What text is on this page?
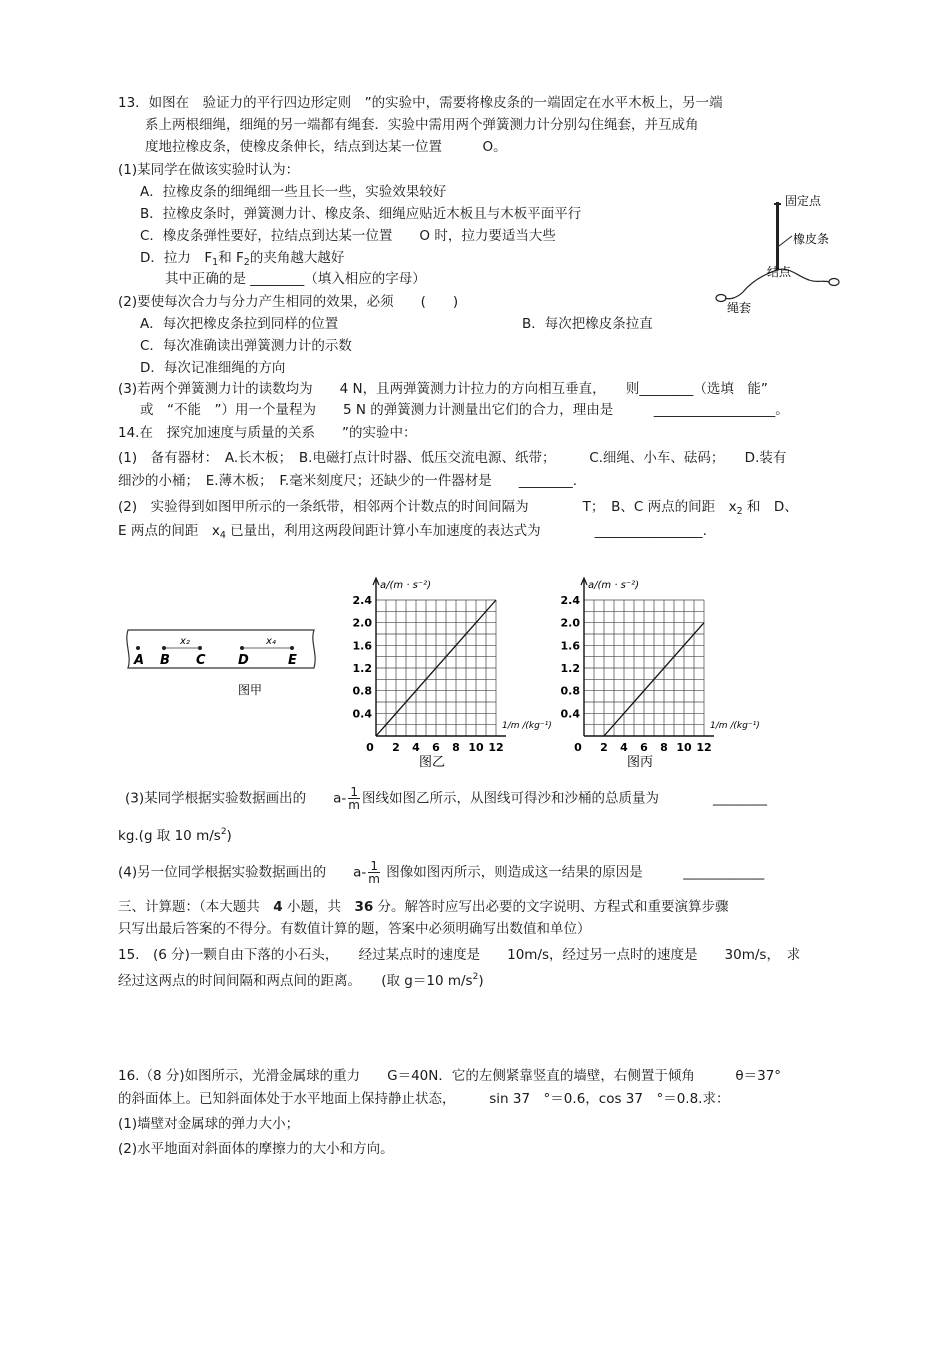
13．如图在　验证力的平行四边形定则　”的实验中，需要将橡皮条的一端固定在水平木板上，另一端
系上两根细绳，细绳的另一端都有绳套．实验中需用两个弹簧测力计分别勾住绳套，并互成角
度地拉橡皮条，使橡皮条伸长，结点到达某一位置　　　O。
(1)某同学在做该实验时认为：
A．拉橡皮条的细绳细一些且长一些，实验效果较好
B．拉橡皮条时，弹簧测力计、橡皮条、细绳应贴近木板且与木板平面平行
C．橡皮条弹性要好，拉结点到达某一位置　　O 时，拉力要适当大些
D．拉力　$F_1$和 $F_2$的夹角越大越好
其中正确的是 ________（填入相应的字母）
(2)要使每次合力与分力产生相同的效果，必须　　(　　)
A．每次把橡皮条拉到同样的位置	B．每次把橡皮条拉直
C．每次准确读出弹簧测力计的示数
D．每次记准细绳的方向
(3)若两个弹簧测力计的读数均为　　4 N，且两弹簧测力计拉力的方向相互垂直，　　则________（选填　能”
或　“不能　”）用一个量程为　　5 N 的弹簧测力计测量出它们的合力，理由是　　　__________________。
固定点
橡皮条
结点
绳套
14.在　探究加速度与质量的关系　　”的实验中：
(1)　备有器材：　A.长木板；　B.电磁打点计时器、低压交流电源、纸带；　　　C.细绳、小车、砝码；　　D.装有
细沙的小桶；　E.薄木板；　F.毫米刻度尺；还缺少的一件器材是　　________.
(2)　实验得到如图甲所示的一条纸带，相邻两个计数点的时间间隔为　　　　T；　B、C 两点的间距　$x_2$ 和　D、
E 两点的间距　$x_4$ 已量出，利用这两段间距计算小车加速度的表达式为　　　　________________.
A B C D	E
x₂	x₄
图甲
0.4
0.8
1.2
1.6
2.0
2.4
0 2 4 6 8 10 12
a/(m · s⁻²)
1/m /(kg⁻¹)
图乙
0.4
0.8
1.2
1.6
2.0
2.4
0 2 4 6 8 10 12
a/(m · s⁻²)
1/m /(kg⁻¹)
图丙
(3)某同学根据实验数据画出的　　$a- \frac{1}{m}$ 图线如图乙所示，从图线可得沙和沙桶的总质量为　　　　________
kg.(g 取 10 $m/s^2$)
(4)另一位同学根据实验数据画出的　　$a- \frac{1}{m}$ 图像如图丙所示，则造成这一结果的原因是　　　____________
三、计算题：（本大题共　4 小题，共　36 分。解答时应写出必要的文字说明、方程式和重要演算步骤
只写出最后答案的不得分。有数值计算的题，答案中必须明确写出数值和单位）
15.　(6 分)一颗自由下落的小石头，　　经过某点时的速度是　　10m/s，经过另一点时的速度是　　30m/s，　求
经过这两点的时间间隔和两点间的距离。　　(取 g＝10 $m/s^2$)
16.（8 分)如图所示，光滑金属球的重力　　G＝40N．它的左侧紧靠竖直的墙壁，右侧置于倾角　　　θ＝37°
的斜面体上。已知斜面体处于水平地面上保持静止状态，　　　sin 37　°＝0.6，cos 37　°＝0.8.求：
(1)墙壁对金属球的弹力大小；
(2)水平地面对斜面体的摩擦力的大小和方向。
